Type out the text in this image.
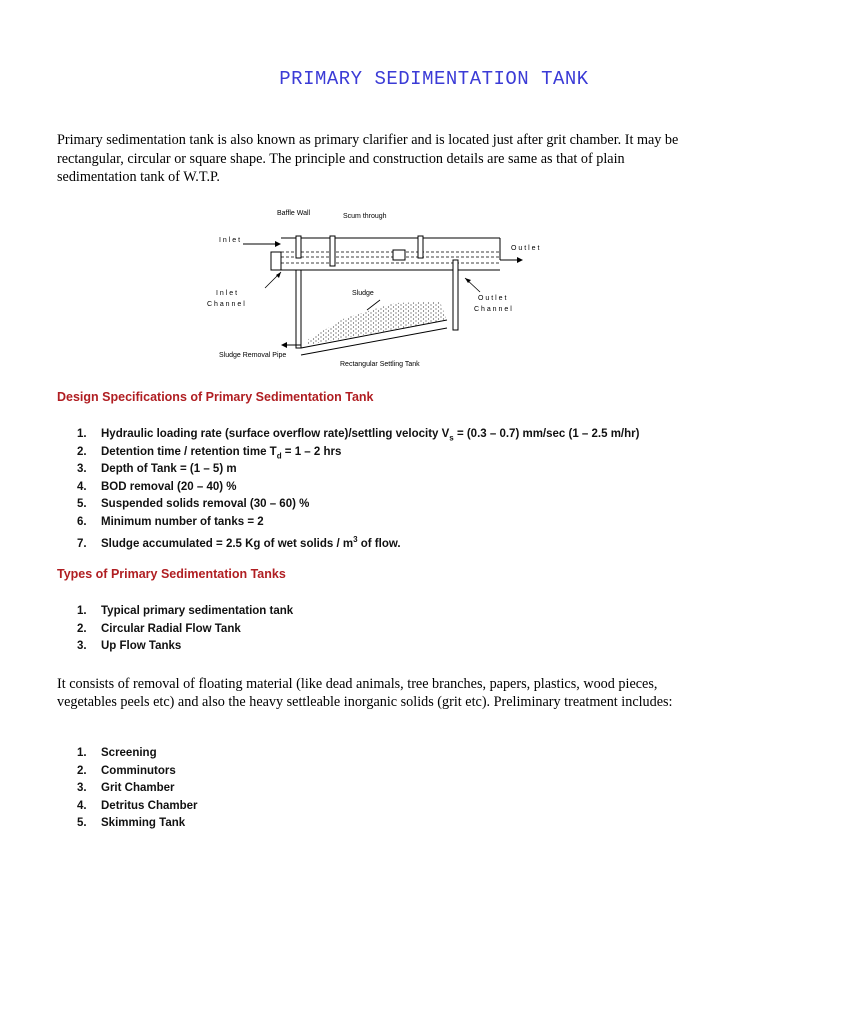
PRIMARY SEDIMENTATION TANK
Primary sedimentation tank is also known as primary clarifier and is located just after grit chamber. It may be rectangular, circular or square shape. The principle and construction details are same as that of plain sedimentation tank of W.T.P.
Baffle Wall	Scum through
I n l e t
O u t l e t
I n l e t
C h a n n e l
Sludge
O u t l e t
C h a n n e l
Sludge Removal Pipe
Rectangular Settling Tank
Design Specifications of Primary Sedimentation Tank
1. Hydraulic loading rate (surface overflow rate)/settling velocity $V_s = (0.3 - 0.7)$ mm/sec (1 – 2.5 m/hr)
2. Detention time / retention time $T_d = 1 - 2$ hrs
3. Depth of Tank = (1 – 5) m
4. BOD removal (20 – 40) %
5. Suspended solids removal (30 – 60) %
6. Minimum number of tanks = 2
7. Sludge accumulated = 2.5 Kg of wet solids / $m^3$ of flow.
Types of Primary Sedimentation Tanks
1. Typical primary sedimentation tank
2. Circular Radial Flow Tank
3. Up Flow Tanks
It consists of removal of floating material (like dead animals, tree branches, papers, plastics, wood pieces, vegetables peels etc) and also the heavy settleable inorganic solids (grit etc). Preliminary treatment includes:
1. Screening
2. Comminutors
3. Grit Chamber
4. Detritus Chamber
5. Skimming Tank
